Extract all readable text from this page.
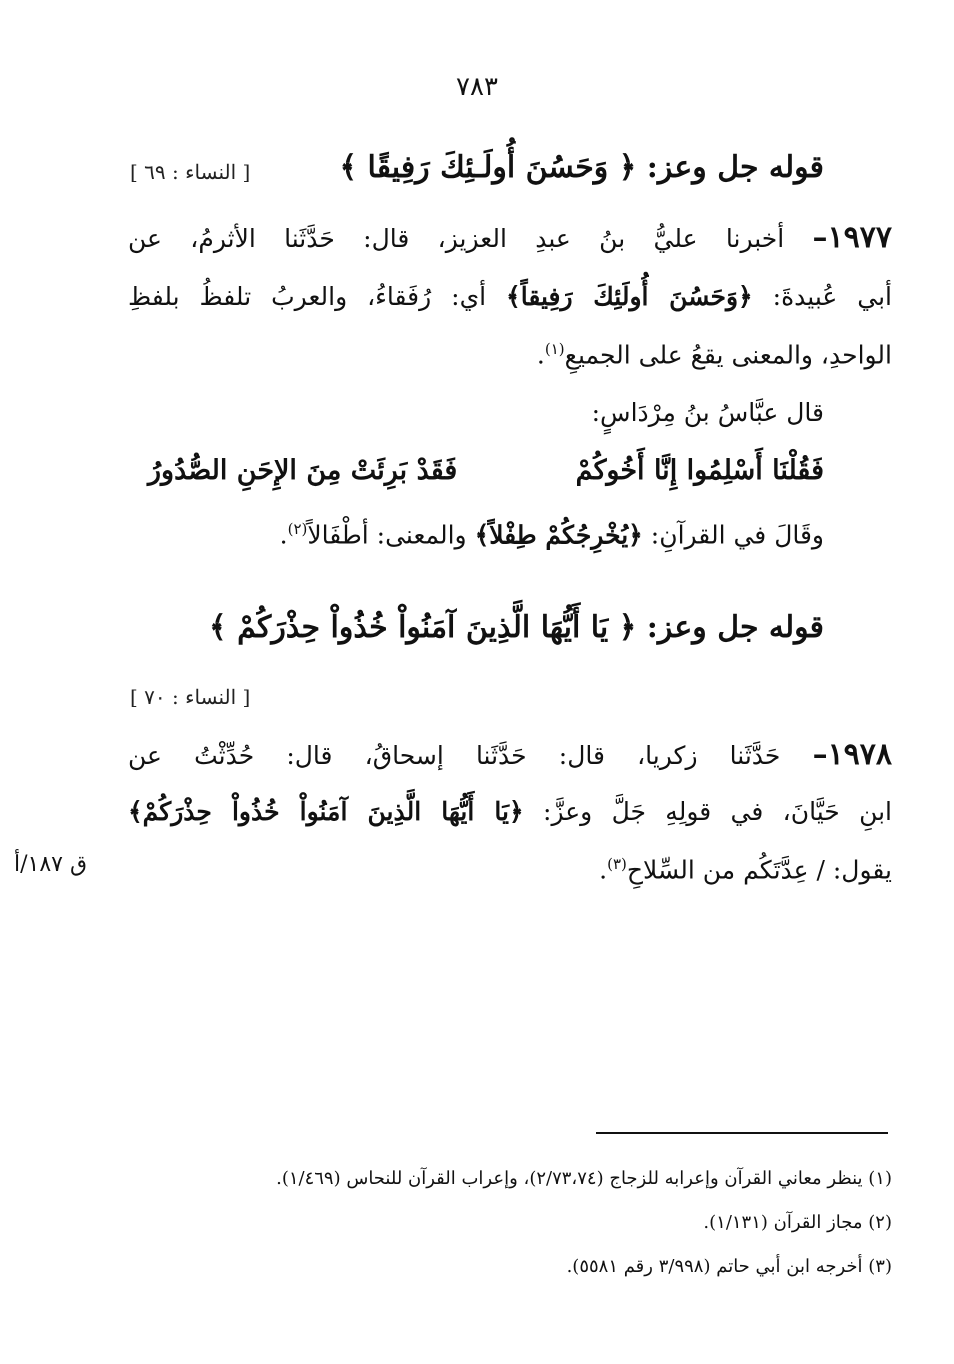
٧٨٣
قوله جل وعز: ﴿ وَحَسُنَ أُولَـئِكَ رَفِيقًا ﴾
[ النساء : ٦٩ ]
١٩٧٧– أخبرنا عليُّ بنُ عبدِ العزيز، قال: حَدَّثَنا الأثرمُ، عن
أبي عُبيدةَ: ﴿وَحَسُنَ أُولَئِكَ رَفِيقاً﴾ أي: رُفَقاءُ، والعربُ تلفظُ بلفظِ
الواحدِ، والمعنى يقعُ على الجميعِ$^{(١)}$.
قال عبَّاسُ بنُ مِرْدَاسٍ:
فَقُلْنَا أَسْلِمُوا إِنَّا أَخُوكُمْ
فَقَدْ بَرِئَتْ مِنَ الإِحَنِ الصُّدُورُ
وقَالَ في القرآنِ: ﴿يُخْرِجُكُمْ طِفْلاً﴾ والمعنى: أطْفَالاً$^{(٢)}$.
قوله جل وعز: ﴿ يَا أَيُّهَا الَّذِينَ آمَنُواْ خُذُواْ حِذْرَكُمْ ﴾
[ النساء : ٧٠ ]
١٩٧٨– حَدَّثَنا زكريا، قال: حَدَّثَنا إسحاقُ، قال: حُدِّثْتُ عن
ابنِ حَيَّانَ، في قولِهِ جَلَّ وعزَّ: ﴿يَا أَيُّهَا الَّذِينَ آمَنُواْ خُذُواْ حِذْرَكُمْ﴾
يقول: / عِدَّتَكُم من السِّلاحِ$^{(٣)}$.
ق ١٨٧/أ
(١) ينظر معاني القرآن وإعرابه للزجاج (٢/٧٣،٧٤)، وإعراب القرآن للنحاس (١/٤٦٩).
(٢) مجاز القرآن (١/١٣١).
(٣) أخرجه ابن أبي حاتم (٣/٩٩٨ رقم ٥٥٨١).
